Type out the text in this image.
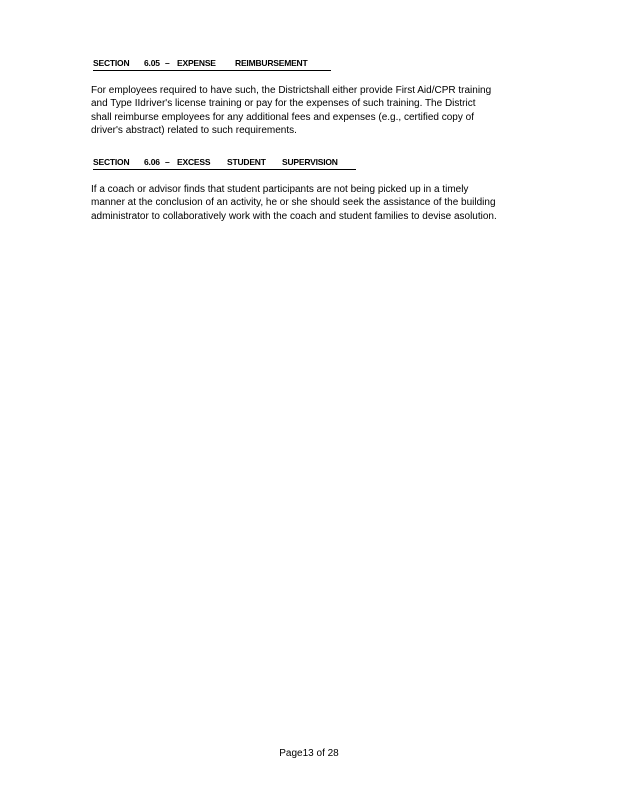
SECTION 6.05 – EXPENSE REIMBURSEMENT
For employees required to have such, the Districtshall either provide First Aid/CPR training
and Type IIdriver's license training or pay for the expenses of such training. The District
shall reimburse employees for any additional fees and expenses (e.g., certified copy of
driver's abstract) related to such requirements.
SECTION 6.06 – EXCESS STUDENT SUPERVISION
If a coach or advisor finds that student participants are not being picked up in a timely
manner at the conclusion of an activity, he or she should seek the assistance of the building
administrator to collaboratively work with the coach and student families to devise asolution.
Page13 of 28
